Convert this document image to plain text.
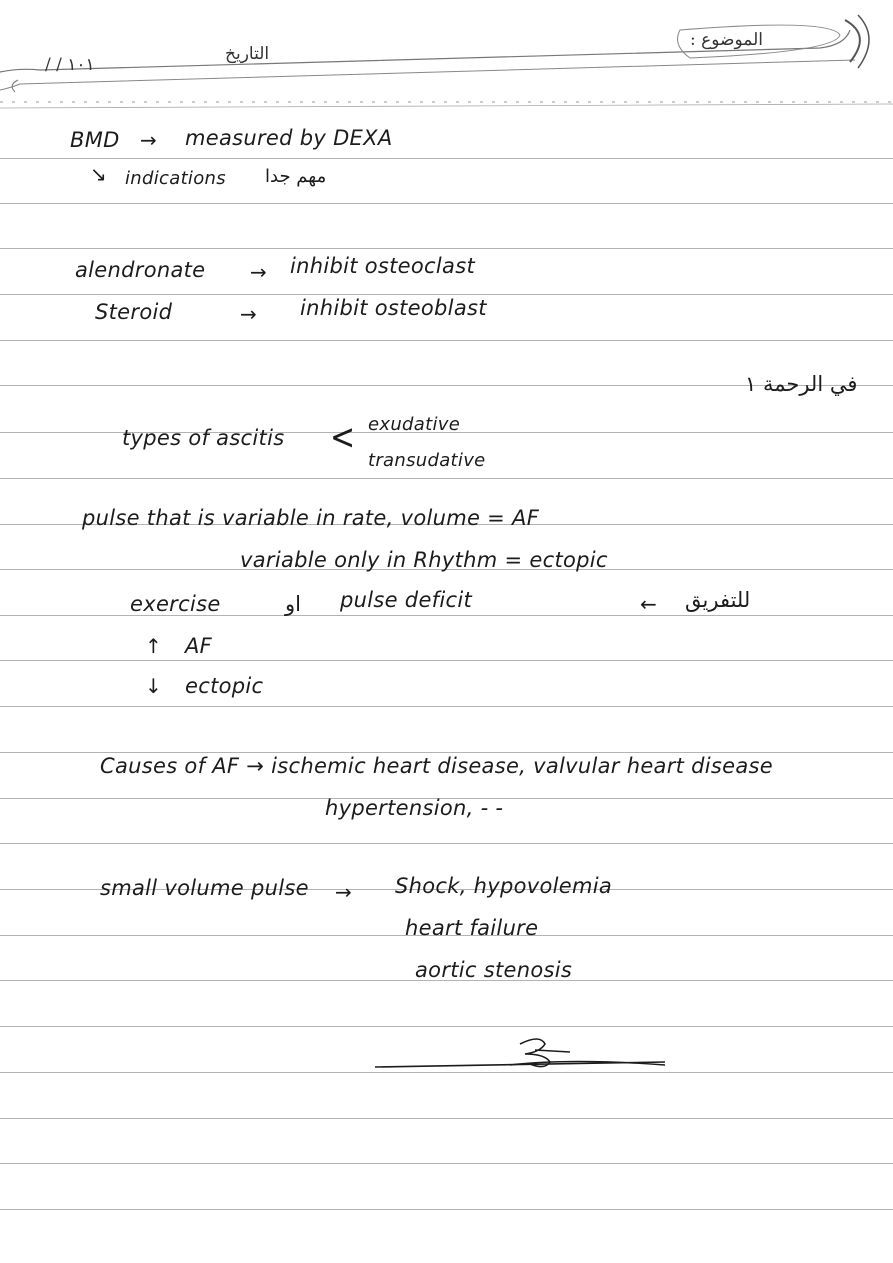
الموضوع :
التاريخ
/ / ١٠١
BMD → measured by DEXA
↘ indications مهم جدا
alendronate → inhibit osteoclast
Steroid	→ inhibit osteoblast
في الرحمة ١
types of ascitis < exudative
transudative
pulse that is variable in rate, volume = AF
variable only in Rhythm = ectopic
exercise	او pulse deficit	← للتفريق
↑ AF
↓ ectopic
Causes of AF → ischemic heart disease, valvular heart disease
hypertension, - -
small volume pulse → Shock, hypovolemia
heart failure
aortic stenosis
